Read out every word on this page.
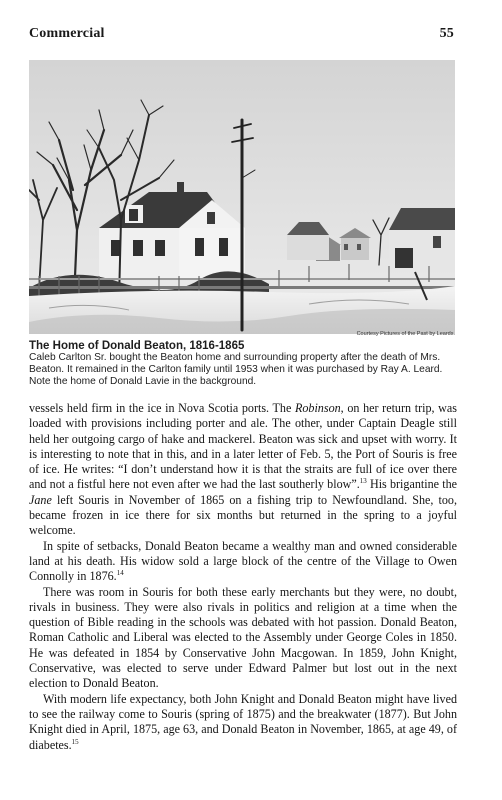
Commercial	55
Courtesy Pictures of the Past by Leards.
The Home of Donald Beaton, 1816-1865
Caleb Carlton Sr. bought the Beaton home and surrounding property after the death of Mrs. Beaton. It remained in the Carlton family until 1953 when it was purchased by Ray A. Leard. Note the home of Donald Lavie in the background.

vessels held firm in the ice in Nova Scotia ports. The Robinson, on her return trip, was loaded with provisions including porter and ale. The other, under Captain Deagle still held her outgoing cargo of hake and mackerel. Beaton was sick and upset with worry. It is interesting to note that in this, and in a later letter of Feb. 5, the Port of Souris is free of ice. He writes: “I don’t understand how it is that the straits are full of ice over there and not a fistful here not even after we had the last southerly blow”.$^{13}$ His brigantine the Jane left Souris in November of 1865 on a fishing trip to Newfoundland. She, too, became frozen in ice there for six months but returned in the spring to a joyful welcome.

In spite of setbacks, Donald Beaton became a wealthy man and owned considerable land at his death. His widow sold a large block of the centre of the Village to Owen Connolly in 1876.14

There was room in Souris for both these early merchants but they were, no doubt, rivals in business. They were also rivals in politics and religion at a time when the question of Bible reading in the schools was debated with hot passion. Donald Beaton, Roman Catholic and Liberal was elected to the Assembly under George Coles in 1850. He was defeated in 1854 by Conservative John Macgowan. In 1859, John Knight, Conservative, was elected to serve under Edward Palmer but lost out in the next election to Donald Beaton.

With modern life expectancy, both John Knight and Donald Beaton might have lived to see the railway come to Souris (spring of 1875) and the breakwater (1877). But John Knight died in April, 1875, age 63, and Donald Beaton in November, 1865, at age 49, of diabetes.$^{15}$
